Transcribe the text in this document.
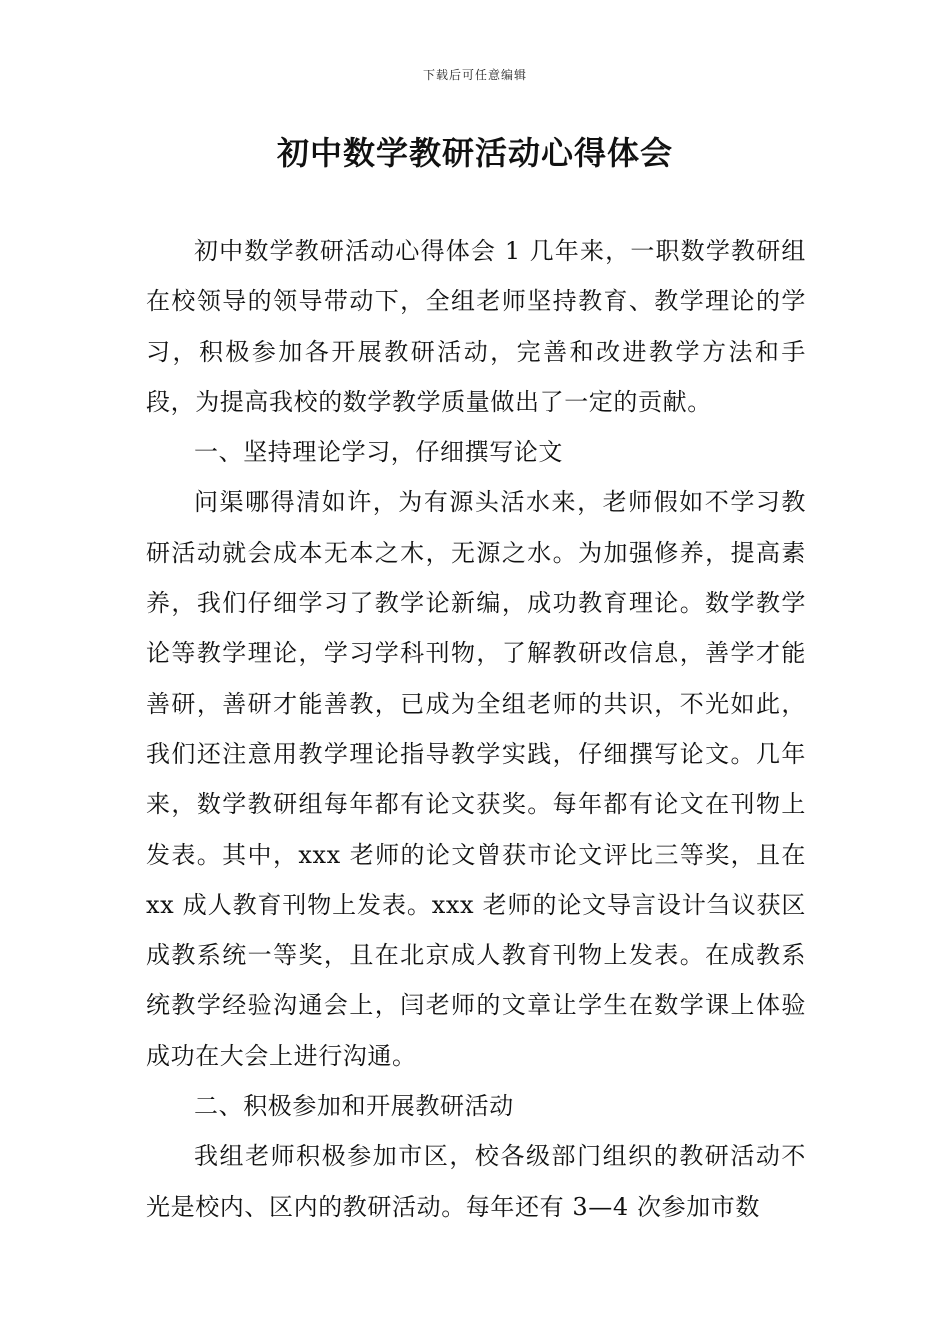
下载后可任意编辑
初中数学教研活动心得体会

初中数学教研活动心得体会 1 几年来，一职数学教研组在校领导的领导带动下，全组老师坚持教育、教学理论的学习，积极参加各开展教研活动，完善和改进教学方法和手段，为提高我校的数学教学质量做出了一定的贡献。

一、坚持理论学习，仔细撰写论文

问渠哪得清如许，为有源头活水来，老师假如不学习教研活动就会成本无本之木，无源之水。为加强修养，提高素养，我们仔细学习了教学论新编，成功教育理论。数学教学论等教学理论，学习学科刊物，了解教研改信息，善学才能善研，善研才能善教，已成为全组老师的共识，不光如此，我们还注意用教学理论指导教学实践，仔细撰写论文。几年来，数学教研组每年都有论文获奖。每年都有论文在刊物上发表。其中，xxx 老师的论文曾获市论文评比三等奖，且在 xx 成人教育刊物上发表。xxx 老师的论文导言设计刍议获区成教系统一等奖，且在北京成人教育刊物上发表。在成教系统教学经验沟通会上，闫老师的文章让学生在数学课上体验成功在大会上进行沟通。

二、积极参加和开展教研活动

我组老师积极参加市区，校各级部门组织的教研活动不光是校内、区内的教研活动。每年还有 3—4 次参加市数
